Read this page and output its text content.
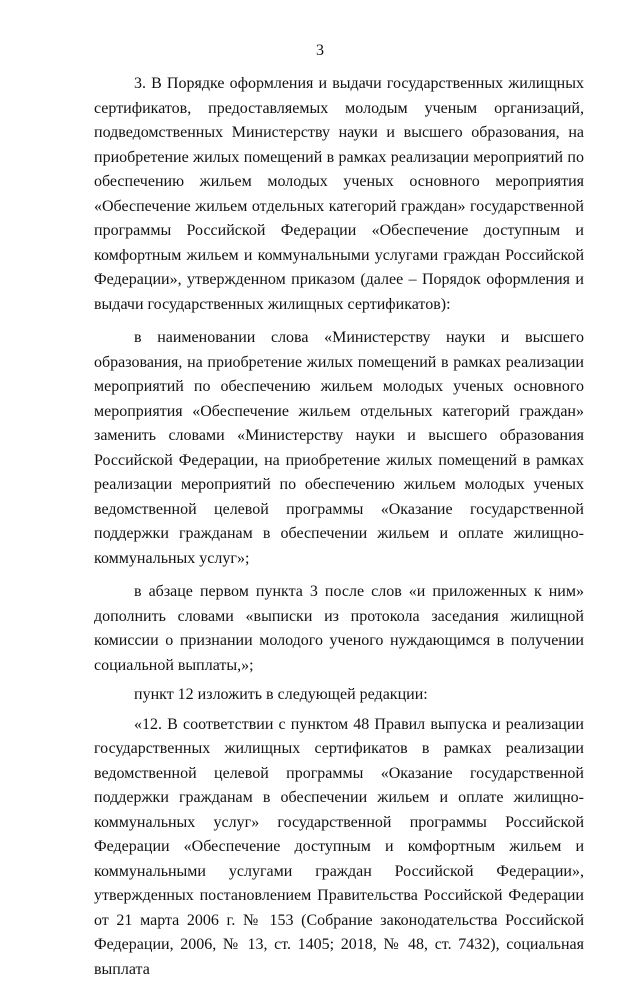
3

3. В Порядке оформления и выдачи государственных жилищных сертификатов, предоставляемых молодым ученым организаций, подведомственных Министерству науки и высшего образования, на приобретение жилых помещений в рамках реализации мероприятий по обеспечению жильем молодых ученых основного мероприятия «Обеспечение жильем отдельных категорий граждан» государственной программы Российской Федерации «Обеспечение доступным и комфортным жильем и коммунальными услугами граждан Российской Федерации», утвержденном приказом (далее – Порядок оформления и выдачи государственных жилищных сертификатов):

в наименовании слова «Министерству науки и высшего образования, на приобретение жилых помещений в рамках реализации мероприятий по обеспечению жильем молодых ученых основного мероприятия «Обеспечение жильем отдельных категорий граждан» заменить словами «Министерству науки и высшего образования Российской Федерации, на приобретение жилых помещений в рамках реализации мероприятий по обеспечению жильем молодых ученых ведомственной целевой программы «Оказание государственной поддержки гражданам в обеспечении жильем и оплате жилищно-коммунальных услуг»;

в абзаце первом пункта 3 после слов «и приложенных к ним» дополнить словами «выписки из протокола заседания жилищной комиссии о признании молодого ученого нуждающимся в получении социальной выплаты,»;

пункт 12 изложить в следующей редакции:

«12. В соответствии с пунктом 48 Правил выпуска и реализации государственных жилищных сертификатов в рамках реализации ведомственной целевой программы «Оказание государственной поддержки гражданам в обеспечении жильем и оплате жилищно-коммунальных услуг» государственной программы Российской Федерации «Обеспечение доступным и комфортным жильем и коммунальными услугами граждан Российской Федерации», утвержденных постановлением Правительства Российской Федерации от 21 марта 2006 г. № 153 (Собрание законодательства Российской Федерации, 2006, № 13, ст. 1405; 2018, № 48, ст. 7432), социальная выплата
